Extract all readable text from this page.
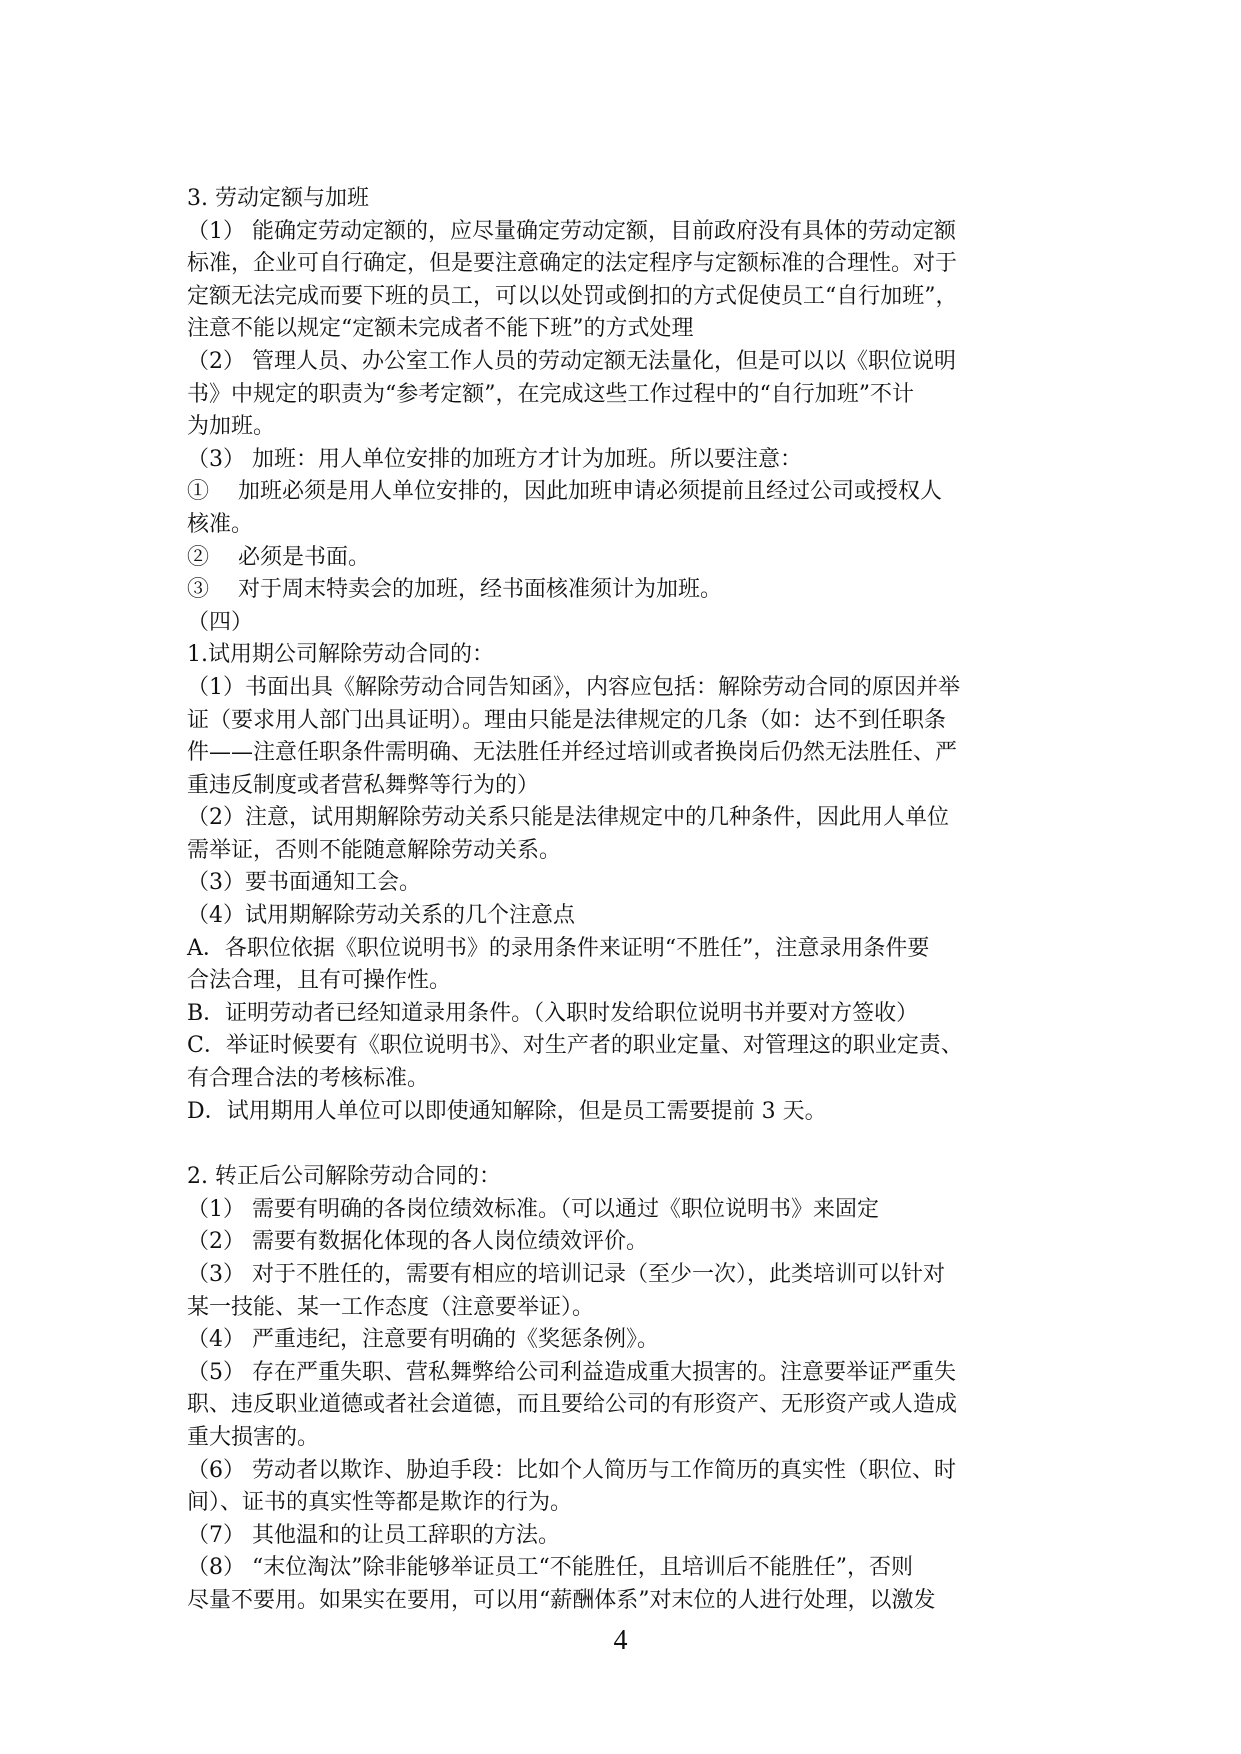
3. 劳动定额与加班
（1） 能确定劳动定额的，应尽量确定劳动定额，目前政府没有具体的劳动定额
标准，企业可自行确定，但是要注意确定的法定程序与定额标准的合理性。对于
定额无法完成而要下班的员工，可以以处罚或倒扣的方式促使员工“自行加班”，
注意不能以规定“定额未完成者不能下班”的方式处理
（2） 管理人员、办公室工作人员的劳动定额无法量化，但是可以以《职位说明
书》中规定的职责为“参考定额”，在完成这些工作过程中的“自行加班”不计
为加班。
（3） 加班：用人单位安排的加班方才计为加班。所以要注意：
①　 加班必须是用人单位安排的，因此加班申请必须提前且经过公司或授权人
核准。
②　 必须是书面。
③　 对于周末特卖会的加班，经书面核准须计为加班。
（四）
1.试用期公司解除劳动合同的：
（1）书面出具《解除劳动合同告知函》，内容应包括：解除劳动合同的原因并举
证（要求用人部门出具证明）。理由只能是法律规定的几条（如：达不到任职条
件——注意任职条件需明确、无法胜任并经过培训或者换岗后仍然无法胜任、严
重违反制度或者营私舞弊等行为的）
（2）注意，试用期解除劳动关系只能是法律规定中的几种条件，因此用人单位
需举证，否则不能随意解除劳动关系。
（3）要书面通知工会。
（4）试用期解除劳动关系的几个注意点
A．各职位依据《职位说明书》的录用条件来证明“不胜任”，注意录用条件要
合法合理，且有可操作性。
B．证明劳动者已经知道录用条件。（入职时发给职位说明书并要对方签收）
C．举证时候要有《职位说明书》、对生产者的职业定量、对管理这的职业定责、
有合理合法的考核标准。
D．试用期用人单位可以即使通知解除，但是员工需要提前 3 天。
2. 转正后公司解除劳动合同的：
（1） 需要有明确的各岗位绩效标准。（可以通过《职位说明书》来固定
（2） 需要有数据化体现的各人岗位绩效评价。
（3） 对于不胜任的，需要有相应的培训记录（至少一次），此类培训可以针对
某一技能、某一工作态度（注意要举证）。
（4） 严重违纪，注意要有明确的《奖惩条例》。
（5） 存在严重失职、营私舞弊给公司利益造成重大损害的。注意要举证严重失
职、违反职业道德或者社会道德，而且要给公司的有形资产、无形资产或人造成
重大损害的。
（6） 劳动者以欺诈、胁迫手段：比如个人简历与工作简历的真实性（职位、时
间）、证书的真实性等都是欺诈的行为。
（7） 其他温和的让员工辞职的方法。
（8） “末位淘汰”除非能够举证员工“不能胜任，且培训后不能胜任”，否则
尽量不要用。如果实在要用，可以用“薪酬体系”对末位的人进行处理，以激发
4
